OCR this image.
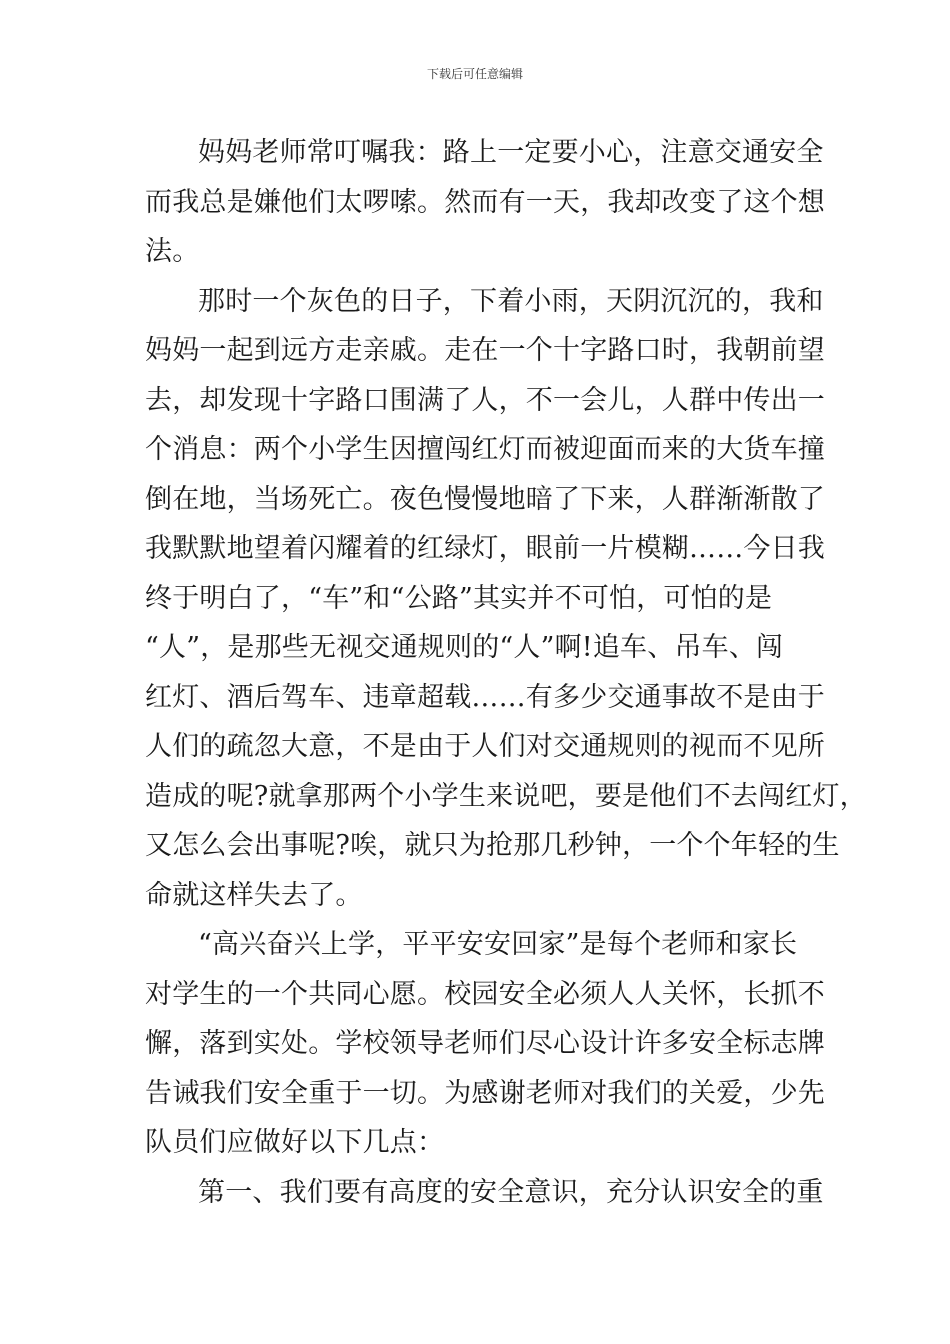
下载后可任意编辑
妈妈老师常叮嘱我：路上一定要小心，注意交通安全
而我总是嫌他们太啰嗦。然而有一天，我却改变了这个想
法。
那时一个灰色的日子，下着小雨，天阴沉沉的，我和
妈妈一起到远方走亲戚。走在一个十字路口时，我朝前望
去，却发现十字路口围满了人，不一会儿，人群中传出一
个消息：两个小学生因擅闯红灯而被迎面而来的大货车撞
倒在地，当场死亡。夜色慢慢地暗了下来，人群渐渐散了
我默默地望着闪耀着的红绿灯，眼前一片模糊……今日我
终于明白了，“车”和“公路”其实并不可怕，可怕的是
“人”，是那些无视交通规则的“人”啊!追车、吊车、闯
红灯、酒后驾车、违章超载……有多少交通事故不是由于
人们的疏忽大意，不是由于人们对交通规则的视而不见所
造成的呢?就拿那两个小学生来说吧，要是他们不去闯红灯，
又怎么会出事呢?唉，就只为抢那几秒钟，一个个年轻的生
命就这样失去了。
“高兴奋兴上学，平平安安回家”是每个老师和家长
对学生的一个共同心愿。校园安全必须人人关怀，长抓不
懈，落到实处。学校领导老师们尽心设计许多安全标志牌
告诫我们安全重于一切。为感谢老师对我们的关爱，少先
队员们应做好以下几点：
第一、我们要有高度的安全意识，充分认识安全的重
